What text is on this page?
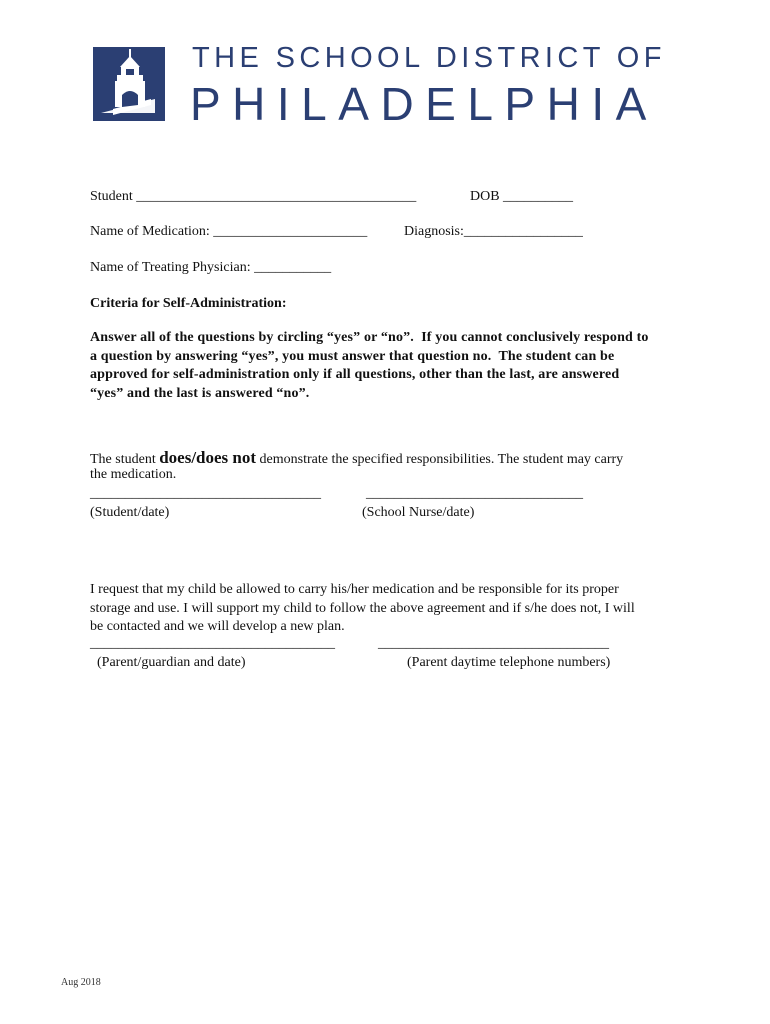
THE SCHOOL DISTRICT OF
PHILADELPHIA
Student ________________________________________	DOB __________
Name of Medication: ______________________	Diagnosis:_________________
Name of Treating Physician: ___________
Criteria for Self-Administration:
Answer all of the questions by circling “yes” or “no”.  If you cannot conclusively respond to
a question by answering “yes”, you must answer that question no.  The student can be
approved for self-administration only if all questions, other than the last, are answered
“yes” and the last is answered “no”.
The student does/does not demonstrate the specified responsibilities. The student may carry
the medication.
_________________________________	_______________________________
(Student/date)	(School Nurse/date)
I request that my child be allowed to carry his/her medication and be responsible for its proper
storage and use. I will support my child to follow the above agreement and if s/he does not, I will
be contacted and we will develop a new plan.
___________________________________	_________________________________
(Parent/guardian and date)	(Parent daytime telephone numbers)
Aug 2018
